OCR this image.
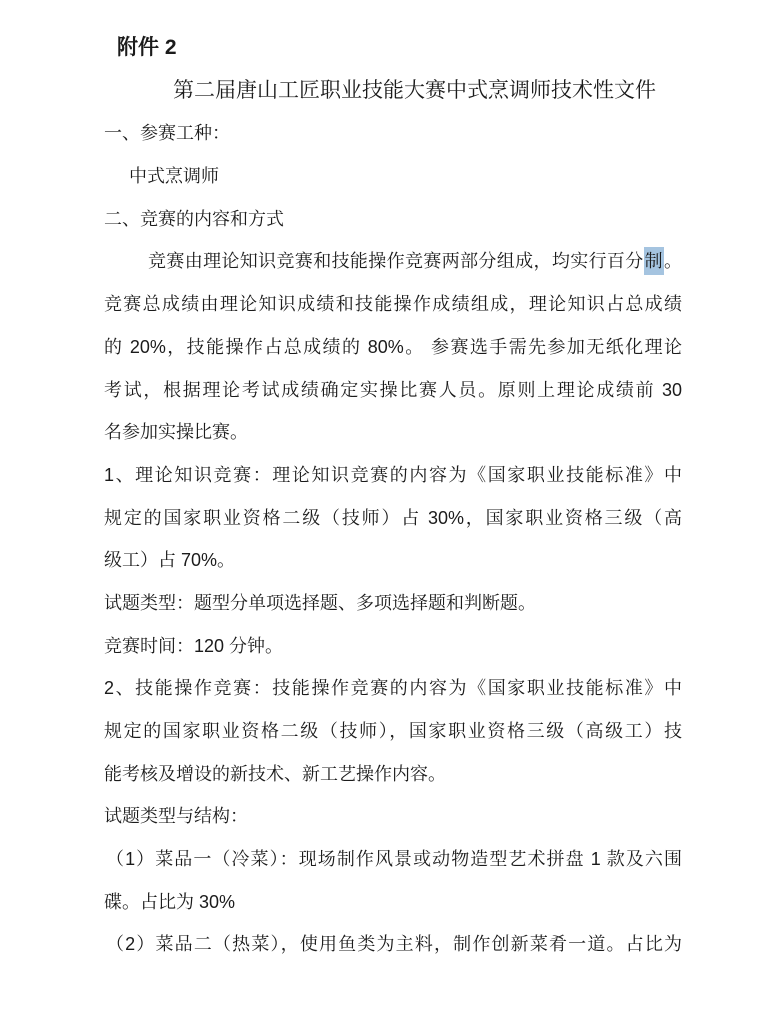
附件 2
第二届唐山工匠职业技能大赛中式烹调师技术性文件
一、参赛工种：
中式烹调师
二、竞赛的内容和方式
竞赛由理论知识竞赛和技能操作竞赛两部分组成，均实行百分制。
竞赛总成绩由理论知识成绩和技能操作成绩组成，理论知识占总成绩
的 20%，技能操作占总成绩的 80%。 参赛选手需先参加无纸化理论
考试，根据理论考试成绩确定实操比赛人员。原则上理论成绩前 30
名参加实操比赛。
1、理论知识竞赛：理论知识竞赛的内容为《国家职业技能标准》中
规定的国家职业资格二级（技师）占 30%，国家职业资格三级（高
级工）占 70%。
试题类型：题型分单项选择题、多项选择题和判断题。
竞赛时间：120 分钟。
2、技能操作竞赛：技能操作竞赛的内容为《国家职业技能标准》中
规定的国家职业资格二级（技师），国家职业资格三级（高级工）技
能考核及增设的新技术、新工艺操作内容。
试题类型与结构：
（1）菜品一（冷菜）：现场制作风景或动物造型艺术拼盘 1 款及六围
碟。占比为 30%
（2）菜品二（热菜），使用鱼类为主料，制作创新菜肴一道。占比为
